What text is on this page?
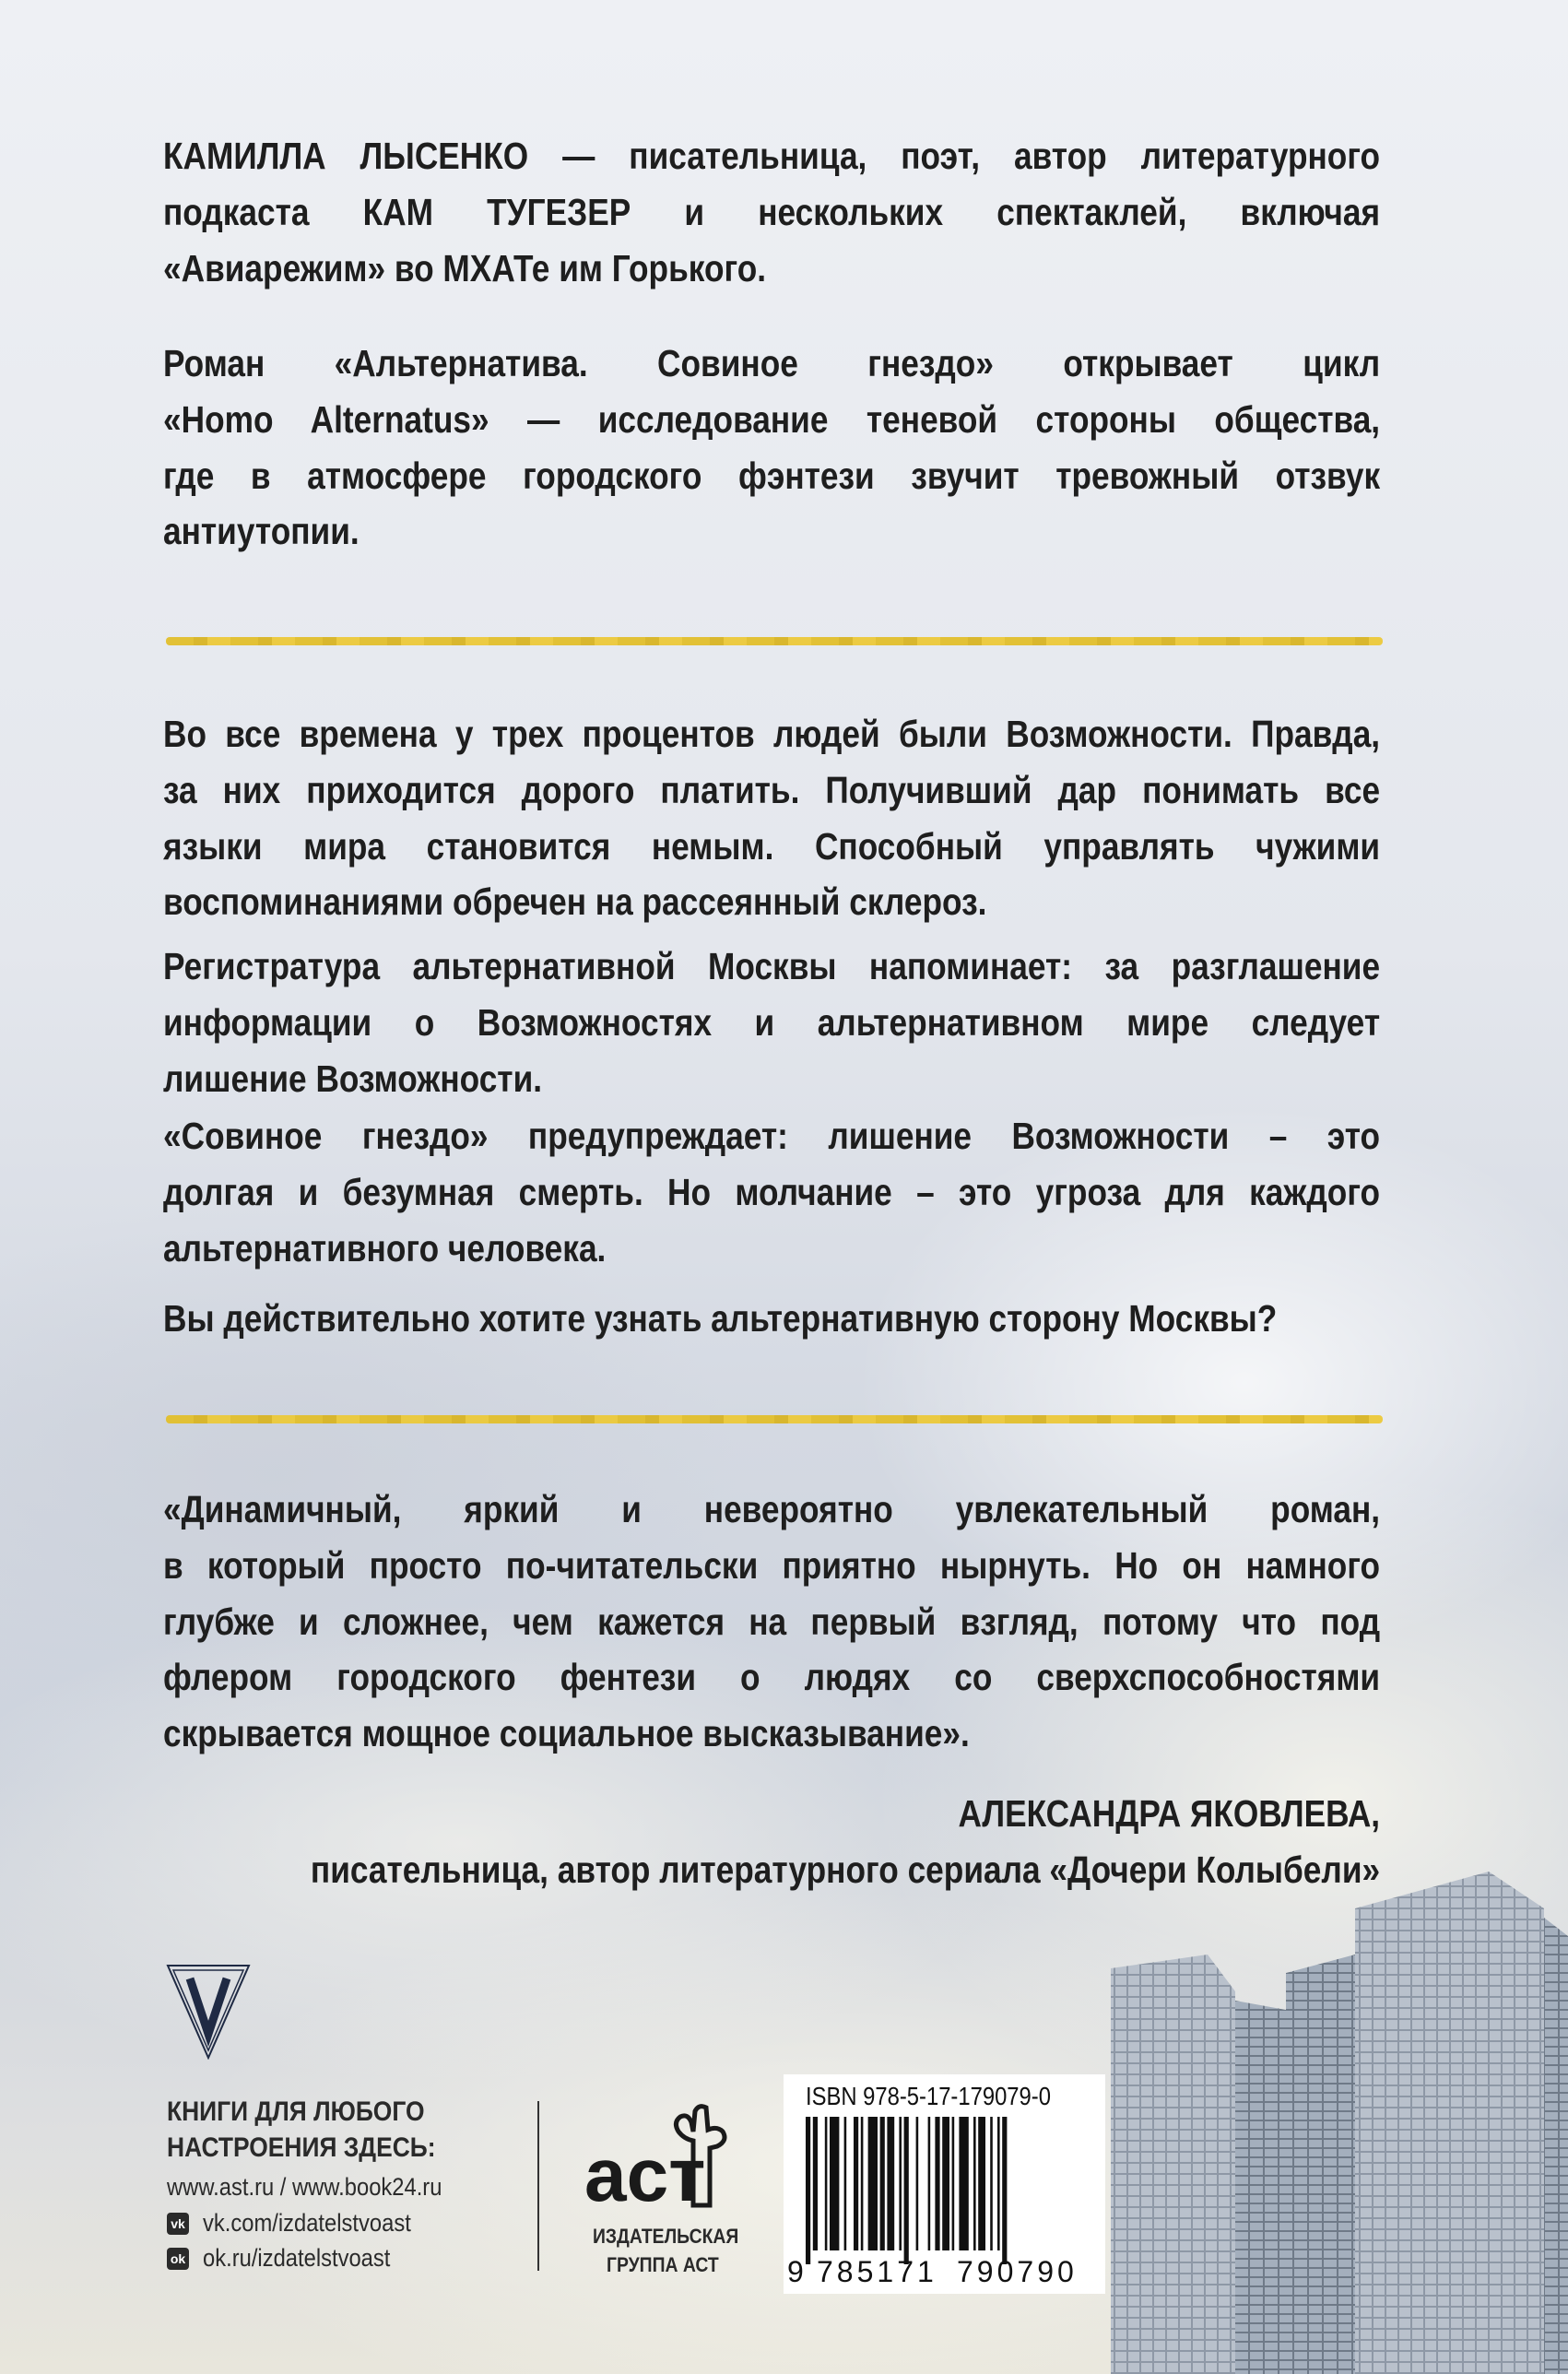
КАМИЛЛА ЛЫСЕНКО — писательница, поэт, автор литературного
подкаста КАМ ТУГЕЗЕР и нескольких спектаклей, включая
«Авиарежим» во МХАТе им Горького.
Роман «Альтернатива. Совиное гнездо» открывает цикл
«Homo Alternatus» — исследование теневой стороны общества,
где в атмосфере городского фэнтези звучит тревожный отзвук
антиутопии.
Во все времена у трех процентов людей были Возможности. Правда,
за них приходится дорого платить. Получивший дар понимать все
языки мира становится немым. Способный управлять чужими
воспоминаниями обречен на рассеянный склероз.
Регистратура альтернативной Москвы напоминает: за разглашение
информации о Возможностях и альтернативном мире следует
лишение Возможности.
«Совиное гнездо» предупреждает: лишение Возможности – это
долгая и безумная смерть. Но молчание – это угроза для каждого
альтернативного человека.
Вы действительно хотите узнать альтернативную сторону Москвы?
«Динамичный, яркий и невероятно увлекательный роман,
в который просто по-читательски приятно нырнуть. Но он намного
глубже и сложнее, чем кажется на первый взгляд, потому что под
флером городского фентези о людях со сверхспособностями
скрывается мощное социальное высказывание».
АЛЕКСАНДРА ЯКОВЛЕВА,
писательница, автор литературного сериала «Дочери Колыбели»
КНИГИ ДЛЯ ЛЮБОГО
НАСТРОЕНИЯ ЗДЕСЬ:
www.ast.ru / www.book24.ru
vk vk.com/izdatelstvoast
ok ok.ru/izdatelstvoast
аст
ИЗДАТЕЛЬСКАЯ
ГРУППА АСТ
ISBN 978-5-17-179079-0
9 785171 790790
